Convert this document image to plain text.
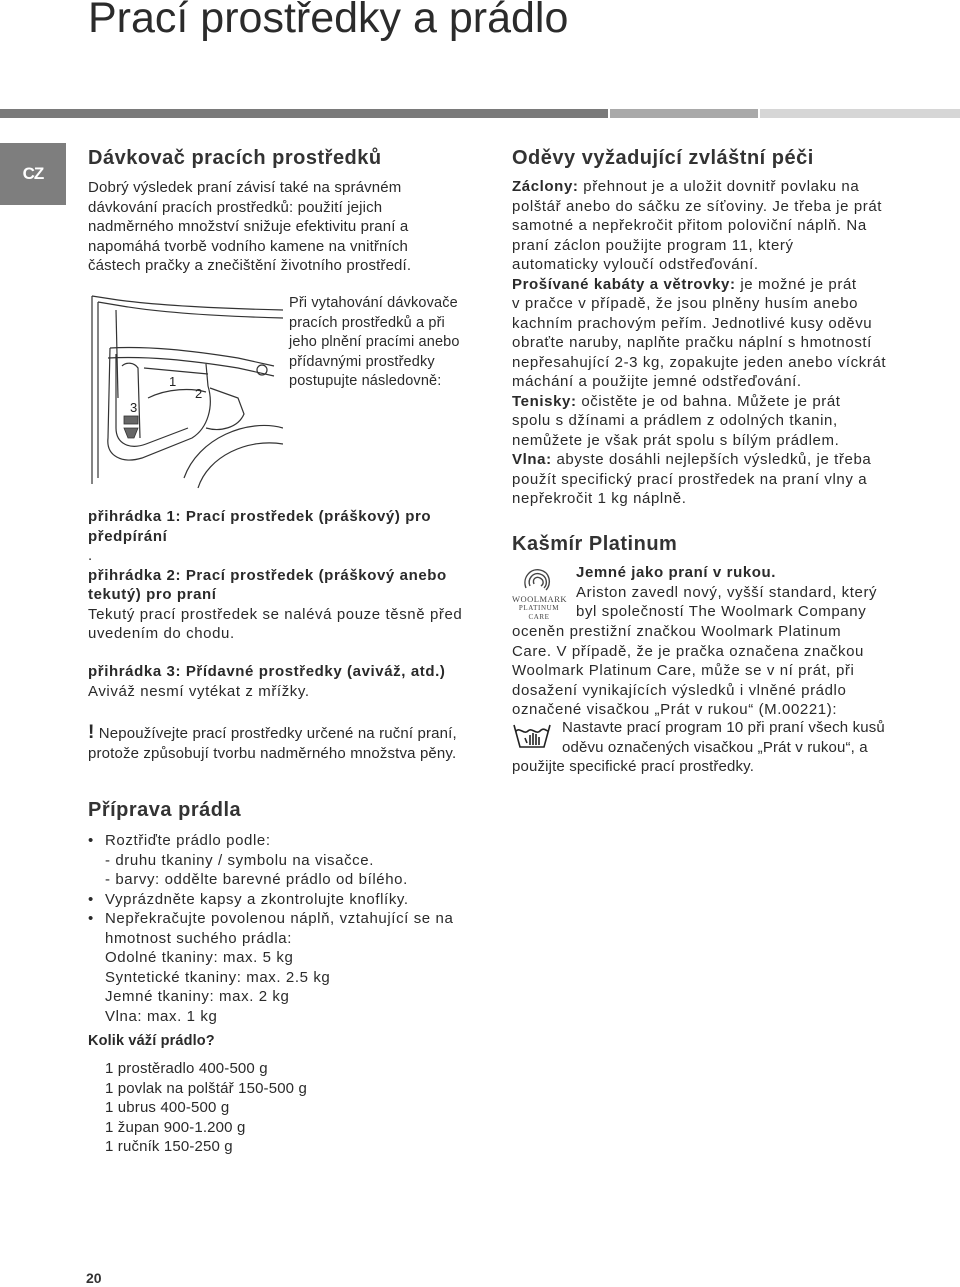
Prací prostředky a prádlo
CZ
Dávkovač pracích prostředků
Dobrý výsledek praní závisí také na správném
dávkování pracích prostředků: použití jejich
nadměrného množství snižuje efektivitu praní a
napomáhá tvorbě vodního kamene na vnitřních
částech pračky a znečištění životního prostředí.
1
2
3
Při vytahování dávkovače
pracích prostředků a při
jeho plnění pracími anebo
přídavnými prostředky
postupujte následovně:
přihrádka 1: Prací prostředek (práškový) pro
předpírání
.
přihrádka 2: Prací prostředek (práškový anebo
tekutý) pro praní
Tekutý prací prostředek se nalévá pouze těsně před
uvedením do chodu.
přihrádka 3: Přídavné prostředky (aviváž, atd.)
Aviváž nesmí vytékat z mřížky.
! Nepoužívejte prací prostředky určené na ruční praní,
protože způsobují tvorbu nadměrného množstva pěny.
Příprava prádla
• Roztřiďte prádlo podle:
- druhu tkaniny / symbolu na visačce.
- barvy: oddělte barevné prádlo od bílého.
• Vyprázdněte kapsy a zkontrolujte knoflíky.
• Nepřekračujte povolenou náplň, vztahující se na
hmotnost suchého prádla:
Odolné tkaniny: max. 5 kg
Syntetické tkaniny: max. 2.5 kg
Jemné tkaniny: max. 2 kg
Vlna: max. 1 kg
Kolik váží prádlo?
1 prostěradlo 400-500 g
1 povlak na polštář 150-500 g
1 ubrus 400-500 g
1 župan 900-1.200 g
1 ručník 150-250 g
Oděvy vyžadující zvláštní péči
Záclony: přehnout je a uložit dovnitř povlaku na
polštář anebo do sáčku ze síťoviny. Je třeba je prát
samotné a nepřekročit přitom poloviční náplň. Na
praní záclon použijte program 11, který
automaticky vyloučí odstřeďování.
Prošívané kabáty a větrovky: je možné je prát
v pračce v případě, že jsou plněny husím anebo
kachním prachovým peřím. Jednotlivé kusy oděvu
obraťte naruby, naplňte pračku náplní s hmotností
nepřesahující 2-3 kg, zopakujte jeden anebo víckrát
máchání a použijte jemné odstřeďování.
Tenisky: očistěte je od bahna. Můžete je prát
spolu s džínami a prádlem z odolných tkanin,
nemůžete je však prát spolu s bílým prádlem.
Vlna: abyste dosáhli nejlepších výsledků, je třeba
použít specifický prací prostředek na praní vlny a
nepřekročit 1 kg náplně.
Kašmír Platinum
WOOLMARK
PLATINUM
CARE
Jemné jako praní v rukou.
Ariston zavedl nový, vyšší standard, který
byl společností The Woolmark Company
oceněn prestižní značkou Woolmark Platinum
Care. V případě, že je pračka označena značkou
Woolmark Platinum Care, může se v ní prát, při
dosažení vynikajících výsledků i vlněné prádlo
označené visačkou „Prát v rukou“ (M.00221):
Nastavte prací program 10 při praní všech kusů
oděvu označených visačkou „Prát v rukou“, a
použijte specifické prací prostředky.
20
